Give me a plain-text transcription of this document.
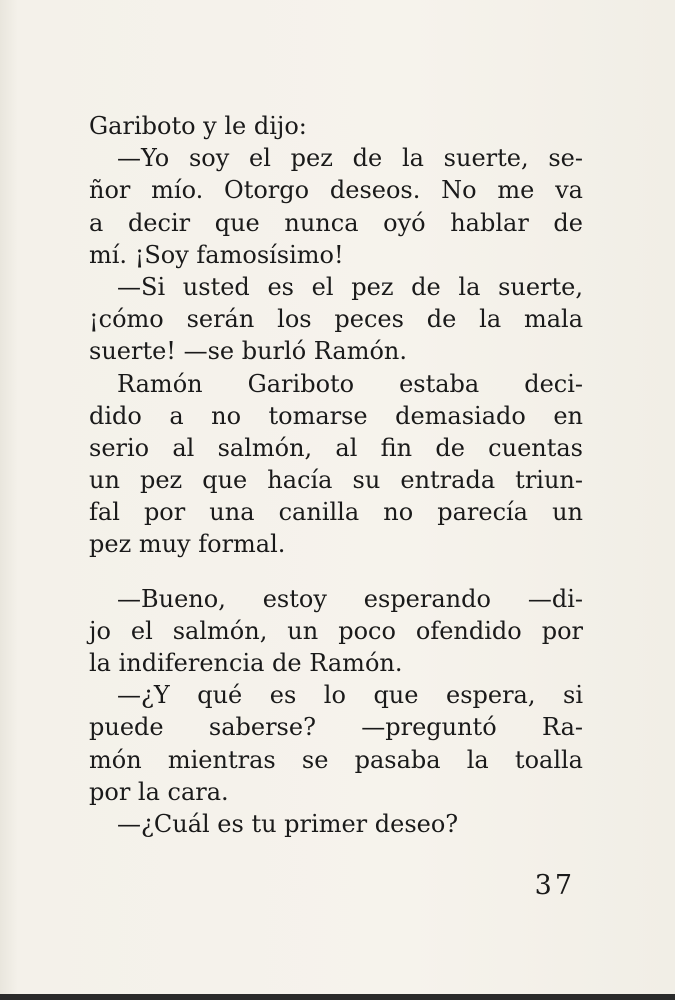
Gariboto y le dijo:
—Yo soy el pez de la suerte, se-
ñor mío. Otorgo deseos. No me va
a decir que nunca oyó hablar de
mí. ¡Soy famosísimo!
—Si usted es el pez de la suerte,
¡cómo serán los peces de la mala
suerte! —se burló Ramón.
Ramón Gariboto estaba deci-
dido a no tomarse demasiado en
serio al salmón, al fin de cuentas
un pez que hacía su entrada triun-
fal por una canilla no parecía un
pez muy formal.
—Bueno, estoy esperando —di-
jo el salmón, un poco ofendido por
la indiferencia de Ramón.
—¿Y qué es lo que espera, si
puede saberse? —preguntó Ra-
món mientras se pasaba la toalla
por la cara.
—¿Cuál es tu primer deseo?
37
